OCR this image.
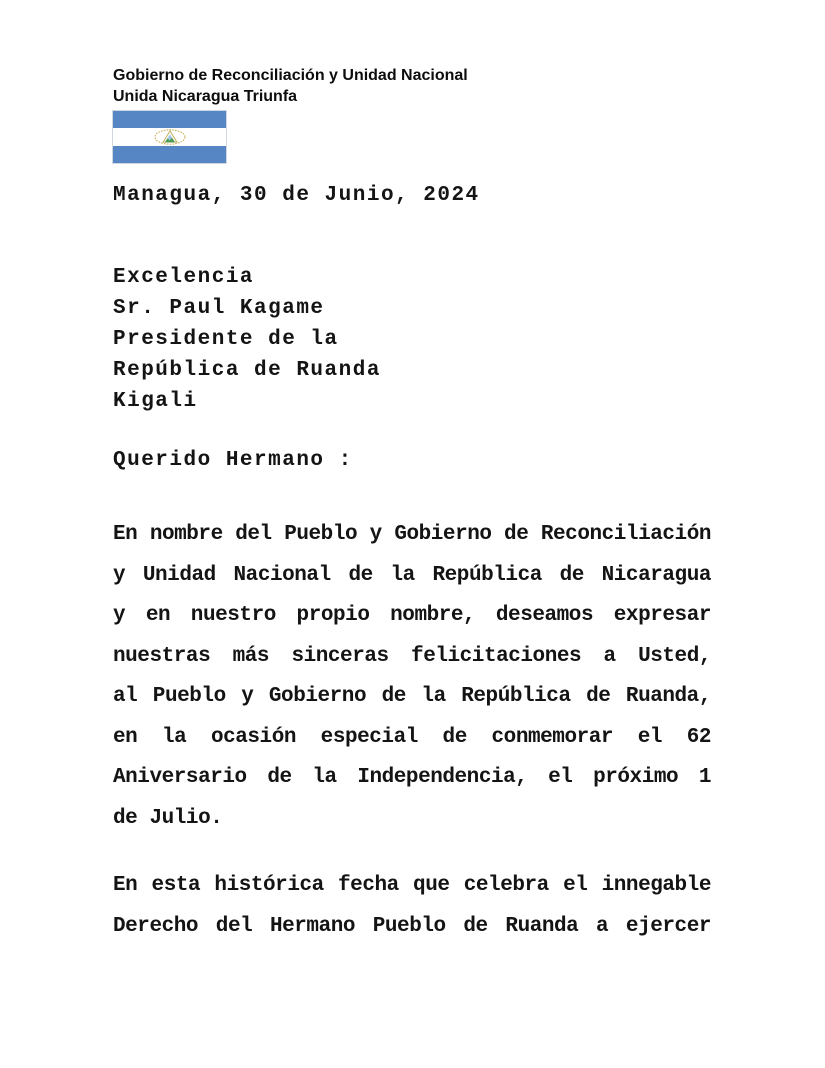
Gobierno de Reconciliación y Unidad Nacional
Unida Nicaragua Triunfa
Managua, 30 de Junio, 2024
Excelencia
Sr. Paul Kagame
Presidente de la
República de Ruanda
Kigali
Querido Hermano :
En nombre del Pueblo y Gobierno de Reconciliación
y Unidad Nacional de la República de Nicaragua
y en nuestro propio nombre, deseamos expresar
nuestras más sinceras felicitaciones a Usted,
al Pueblo y Gobierno de la República de Ruanda,
en la ocasión especial de conmemorar el 62
Aniversario de la Independencia, el próximo 1
de Julio.
En esta histórica fecha que celebra el innegable
Derecho del Hermano Pueblo de Ruanda a ejercer
